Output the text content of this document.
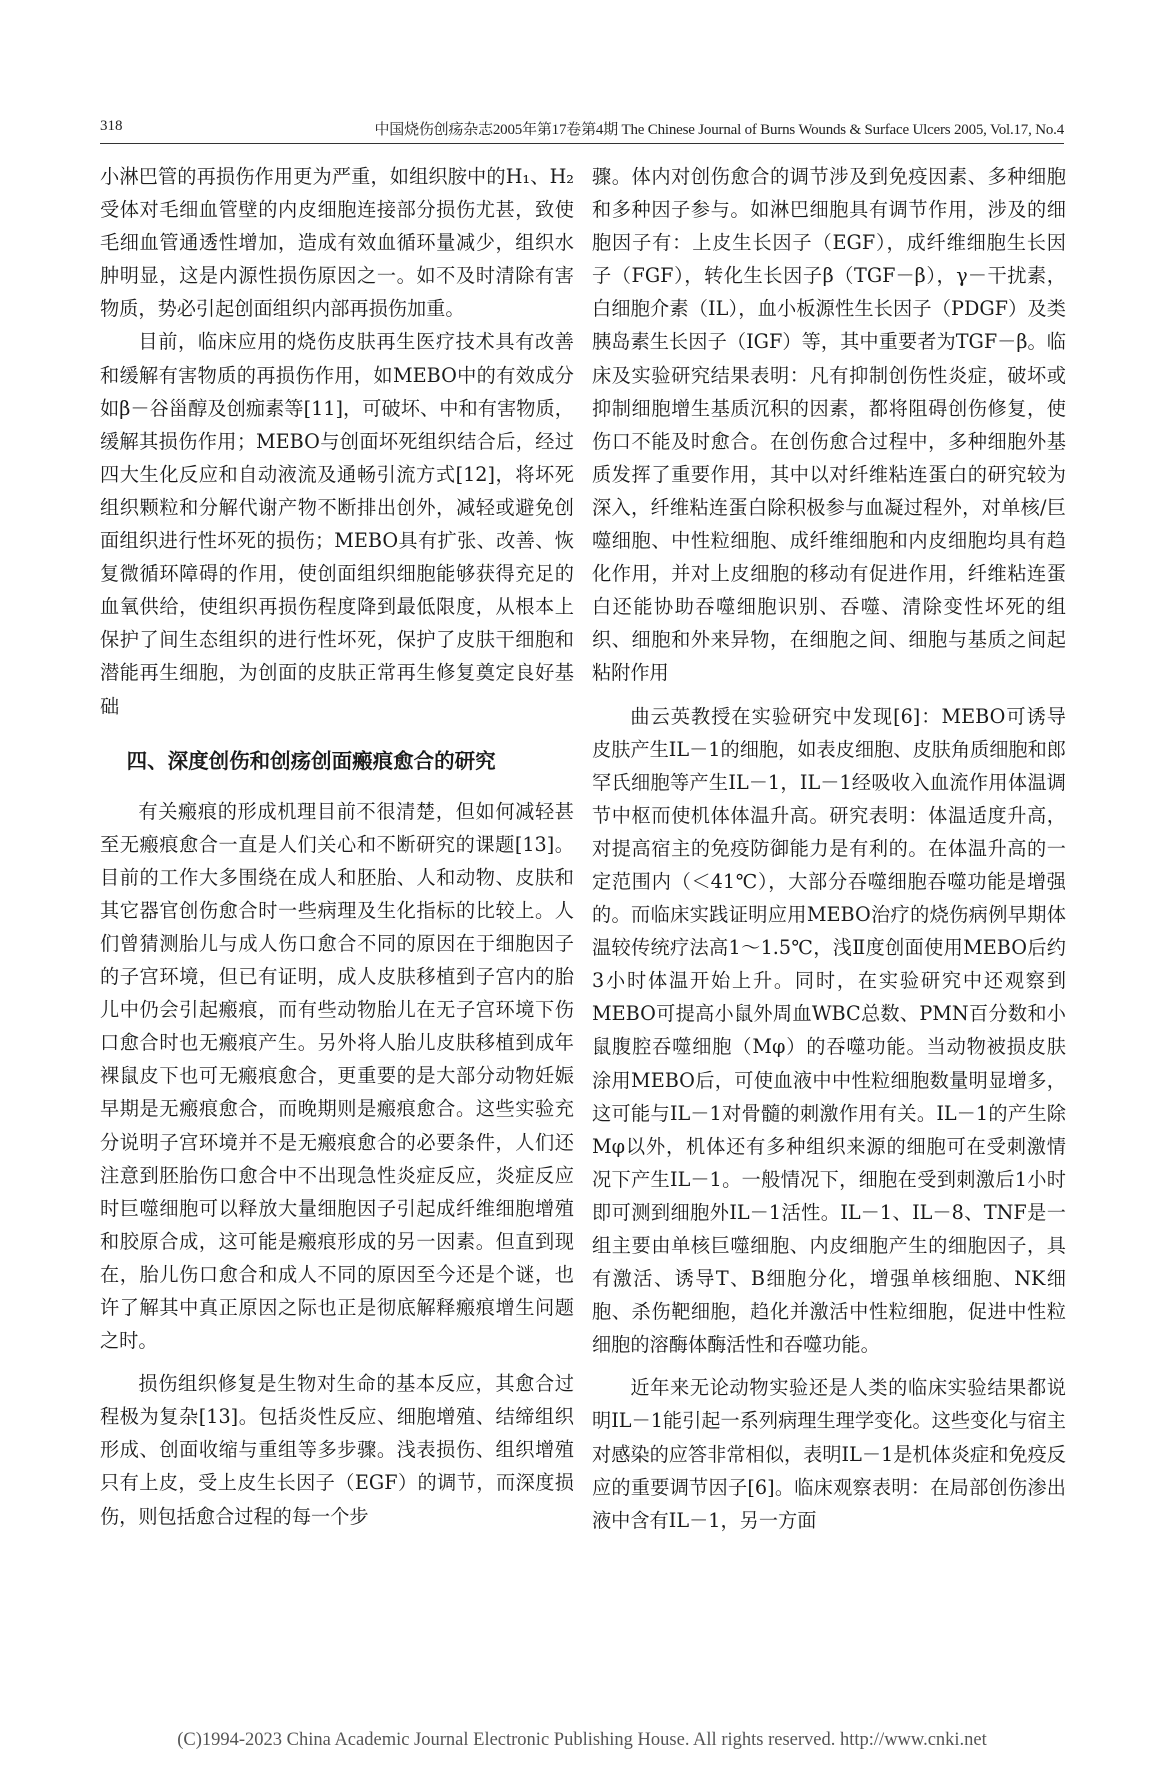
318	中国烧伤创疡杂志2005年第17卷第4期 The Chinese Journal of Burns Wounds & Surface Ulcers 2005, Vol.17, No.4

小淋巴管的再损伤作用更为严重，如组织胺中的H₁、H₂受体对毛细血管壁的内皮细胞连接部分损伤尤甚，致使毛细血管通透性增加，造成有效血循环量减少，组织水肿明显，这是内源性损伤原因之一。如不及时清除有害物质，势必引起创面组织内部再损伤加重。

目前，临床应用的烧伤皮肤再生医疗技术具有改善和缓解有害物质的再损伤作用，如MEBO中的有效成分如β－谷甾醇及创痂素等[11]，可破坏、中和有害物质，缓解其损伤作用；MEBO与创面坏死组织结合后，经过四大生化反应和自动液流及通畅引流方式[12]，将坏死组织颗粒和分解代谢产物不断排出创外，减轻或避免创面组织进行性坏死的损伤；MEBO具有扩张、改善、恢复微循环障碍的作用，使创面组织细胞能够获得充足的血氧供给，使组织再损伤程度降到最低限度，从根本上保护了间生态组织的进行性坏死，保护了皮肤干细胞和潜能再生细胞，为创面的皮肤正常再生修复奠定良好基础

四、深度创伤和创疡创面瘢痕愈合的研究

有关瘢痕的形成机理目前不很清楚，但如何减轻甚至无瘢痕愈合一直是人们关心和不断研究的课题[13]。目前的工作大多围绕在成人和胚胎、人和动物、皮肤和其它器官创伤愈合时一些病理及生化指标的比较上。人们曾猜测胎儿与成人伤口愈合不同的原因在于细胞因子的子宫环境，但已有证明，成人皮肤移植到子宫内的胎儿中仍会引起瘢痕，而有些动物胎儿在无子宫环境下伤口愈合时也无瘢痕产生。另外将人胎儿皮肤移植到成年裸鼠皮下也可无瘢痕愈合，更重要的是大部分动物妊娠早期是无瘢痕愈合，而晚期则是瘢痕愈合。这些实验充分说明子宫环境并不是无瘢痕愈合的必要条件，人们还注意到胚胎伤口愈合中不出现急性炎症反应，炎症反应时巨噬细胞可以释放大量细胞因子引起成纤维细胞增殖和胶原合成，这可能是瘢痕形成的另一因素。但直到现在，胎儿伤口愈合和成人不同的原因至今还是个谜，也许了解其中真正原因之际也正是彻底解释瘢痕增生问题之时。

损伤组织修复是生物对生命的基本反应，其愈合过程极为复杂[13]。包括炎性反应、细胞增殖、结缔组织形成、创面收缩与重组等多步骤。浅表损伤、组织增殖只有上皮，受上皮生长因子（EGF）的调节，而深度损伤，则包括愈合过程的每一个步

骤。体内对创伤愈合的调节涉及到免疫因素、多种细胞和多种因子参与。如淋巴细胞具有调节作用，涉及的细胞因子有：上皮生长因子（EGF），成纤维细胞生长因子（FGF），转化生长因子β（TGF－β），γ－干扰素，白细胞介素（IL），血小板源性生长因子（PDGF）及类胰岛素生长因子（IGF）等，其中重要者为TGF－β。临床及实验研究结果表明：凡有抑制创伤性炎症，破坏或抑制细胞增生基质沉积的因素，都将阻碍创伤修复，使伤口不能及时愈合。在创伤愈合过程中，多种细胞外基质发挥了重要作用，其中以对纤维粘连蛋白的研究较为深入，纤维粘连蛋白除积极参与血凝过程外，对单核/巨噬细胞、中性粒细胞、成纤维细胞和内皮细胞均具有趋化作用，并对上皮细胞的移动有促进作用，纤维粘连蛋白还能协助吞噬细胞识别、吞噬、清除变性坏死的组织、细胞和外来异物，在细胞之间、细胞与基质之间起粘附作用

曲云英教授在实验研究中发现[6]：MEBO可诱导皮肤产生IL－1的细胞，如表皮细胞、皮肤角质细胞和郎罕氏细胞等产生IL－1，IL－1经吸收入血流作用体温调节中枢而使机体体温升高。研究表明：体温适度升高，对提高宿主的免疫防御能力是有利的。在体温升高的一定范围内（＜41℃），大部分吞噬细胞吞噬功能是增强的。而临床实践证明应用MEBO治疗的烧伤病例早期体温较传统疗法高1～1.5℃，浅Ⅱ度创面使用MEBO后约3小时体温开始上升。同时，在实验研究中还观察到MEBO可提高小鼠外周血WBC总数、PMN百分数和小鼠腹腔吞噬细胞（Mφ）的吞噬功能。当动物被损皮肤涂用MEBO后，可使血液中中性粒细胞数量明显增多，这可能与IL－1对骨髓的刺激作用有关。IL－1的产生除Mφ以外，机体还有多种组织来源的细胞可在受刺激情况下产生IL－1。一般情况下，细胞在受到刺激后1小时即可测到细胞外IL－1活性。IL－1、IL－8、TNF是一组主要由单核巨噬细胞、内皮细胞产生的细胞因子，具有激活、诱导T、B细胞分化，增强单核细胞、NK细胞、杀伤靶细胞，趋化并激活中性粒细胞，促进中性粒细胞的溶酶体酶活性和吞噬功能。

近年来无论动物实验还是人类的临床实验结果都说明IL－1能引起一系列病理生理学变化。这些变化与宿主对感染的应答非常相似，表明IL－1是机体炎症和免疫反应的重要调节因子[6]。临床观察表明：在局部创伤渗出液中含有IL－1，另一方面

(C)1994-2023 China Academic Journal Electronic Publishing House. All rights reserved. http://www.cnki.net
